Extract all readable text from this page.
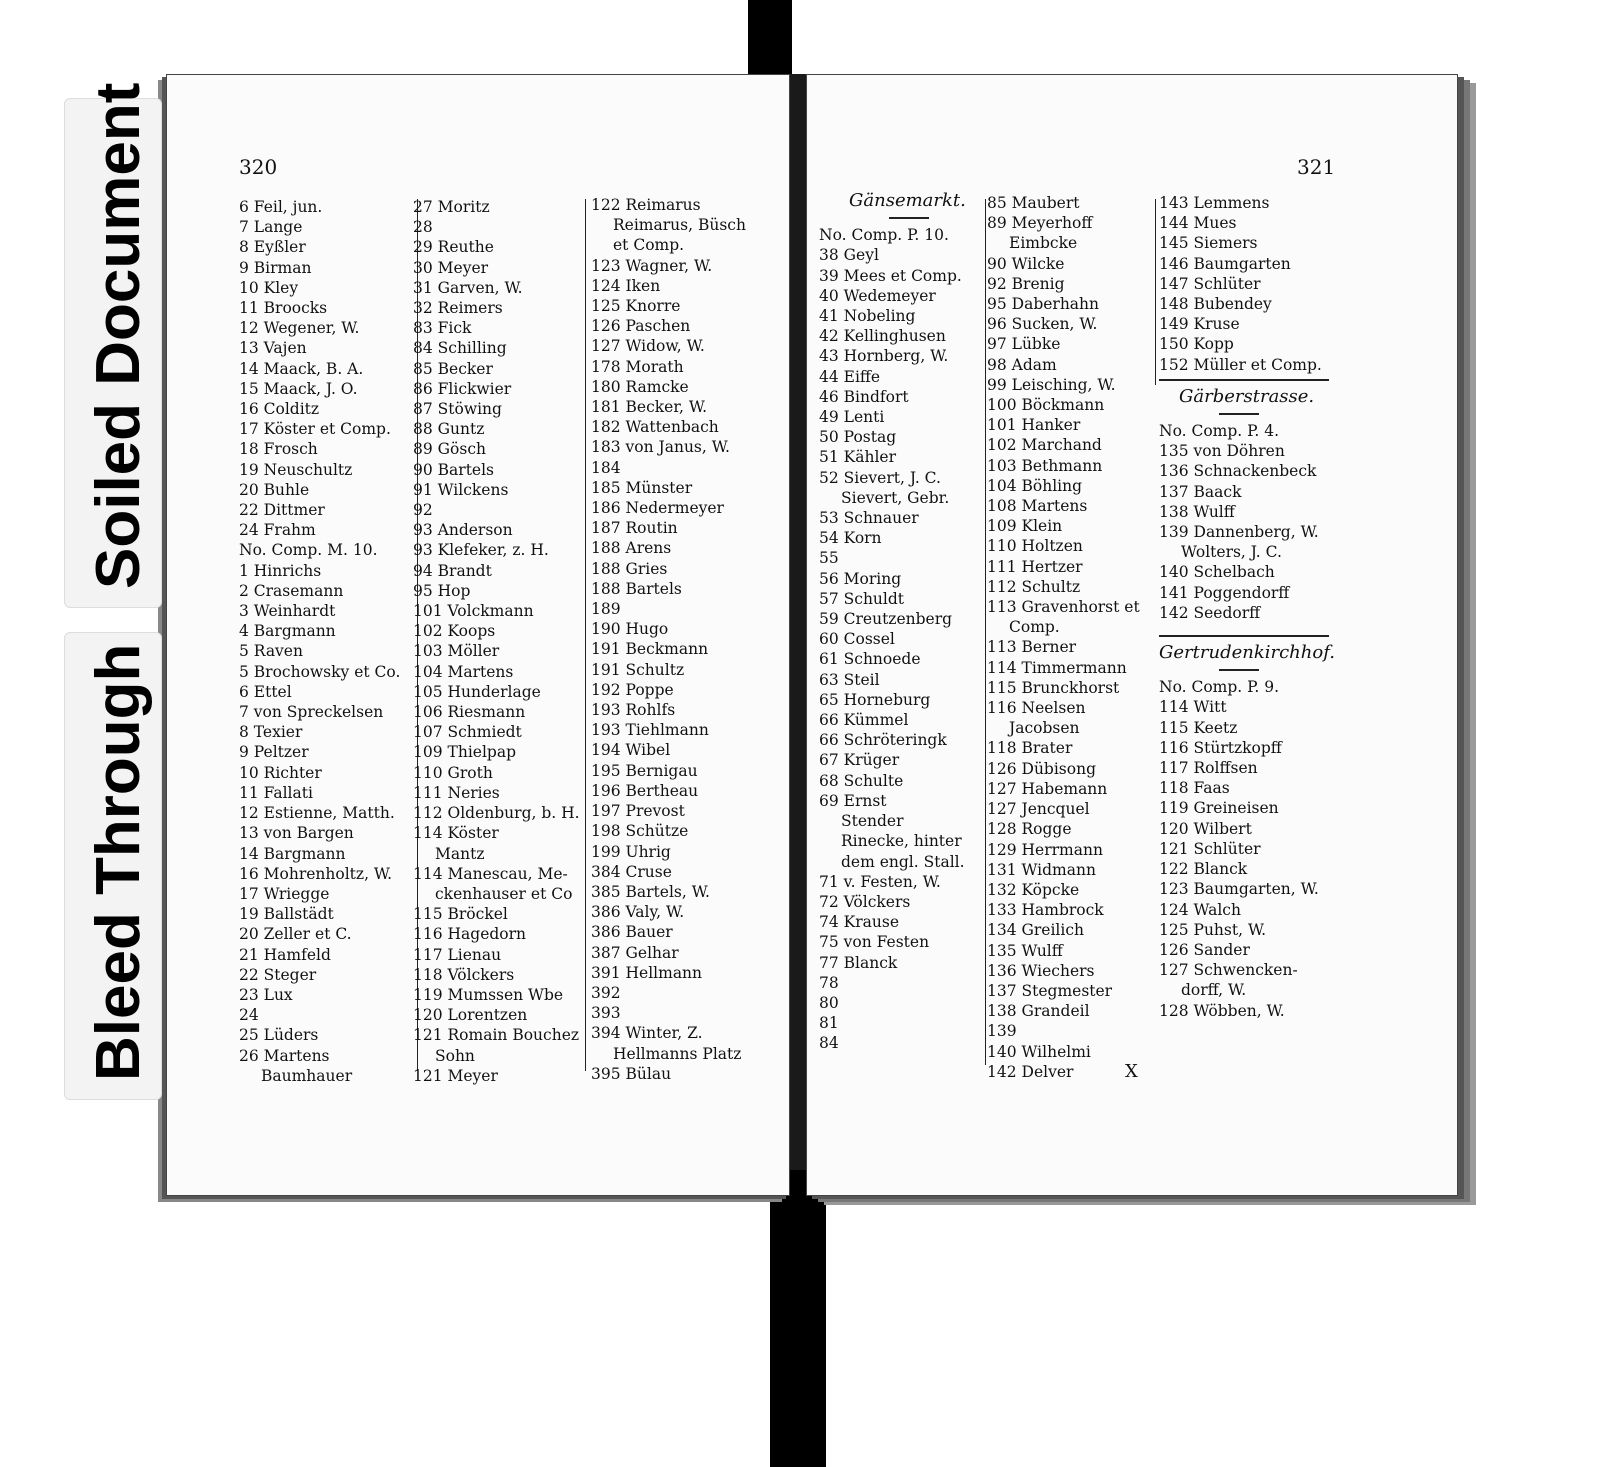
320
6 Feil, jun.
7 Lange
8 Eyßler
9 Birman
10 Kley
11 Broocks
12 Wegener, W.
13 Vajen
14 Maack, B. A.
15 Maack, J. O.
16 Colditz
17 Köster et Comp.
18 Frosch
19 Neuschultz
20 Buhle
22 Dittmer
24 Frahm
No. Comp. M. 10.
1 Hinrichs
2 Crasemann
3 Weinhardt
4 Bargmann
5 Raven
5 Brochowsky et Co.
6 Ettel
7 von Spreckelsen
8 Texier
9 Peltzer
10 Richter
11 Fallati
12 Estienne, Matth.
13 von Bargen
14 Bargmann
16 Mohrenholtz, W.
17 Wriegge
19 Ballstädt
20 Zeller et C.
21 Hamfeld
22 Steger
23 Lux
24
25 Lüders
26 Martens
Baumhauer
27 Moritz
28
29 Reuthe
30 Meyer
31 Garven, W.
32 Reimers
83 Fick
84 Schilling
85 Becker
86 Flickwier
87 Stöwing
88 Guntz
89 Gösch
90 Bartels
91 Wilckens
92
93 Anderson
93 Klefeker, z. H.
94 Brandt
95 Hop
101 Volckmann
102 Koops
103 Möller
104 Martens
105 Hunderlage
106 Riesmann
107 Schmiedt
109 Thielpap
110 Groth
111 Neries
112 Oldenburg, b. H.
114 Köster
Mantz
114 Manescau, Me-
ckenhauser et Co
115 Bröckel
116 Hagedorn
117 Lienau
118 Völckers
119 Mumssen Wbe
120 Lorentzen
121 Romain Bouchez
Sohn
121 Meyer
122 Reimarus
Reimarus, Büsch
et Comp.
123 Wagner, W.
124 Iken
125 Knorre
126 Paschen
127 Widow, W.
178 Morath
180 Ramcke
181 Becker, W.
182 Wattenbach
183 von Janus, W.
184
185 Münster
186 Nedermeyer
187 Routin
188 Arens
188 Gries
188 Bartels
189
190 Hugo
191 Beckmann
191 Schultz
192 Poppe
193 Rohlfs
193 Tiehlmann
194 Wibel
195 Bernigau
196 Bertheau
197 Prevost
198 Schütze
199 Uhrig
384 Cruse
385 Bartels, W.
386 Valy, W.
386 Bauer
387 Gelhar
391 Hellmann
392
393
394 Winter, Z.
Hellmanns Platz
395 Bülau
321
Gänsemarkt.
No. Comp. P. 10.
38 Geyl
39 Mees et Comp.
40 Wedemeyer
41 Nobeling
42 Kellinghusen
43 Hornberg, W.
44 Eiffe
46 Bindfort
49 Lenti
50 Postag
51 Kähler
52 Sievert, J. C.
Sievert, Gebr.
53 Schnauer
54 Korn
55
56 Moring
57 Schuldt
59 Creutzenberg
60 Cossel
61 Schnoede
63 Steil
65 Horneburg
66 Kümmel
66 Schröteringk
67 Krüger
68 Schulte
69 Ernst
Stender
Rinecke, hinter
dem engl. Stall.
71 v. Festen, W.
72 Völckers
74 Krause
75 von Festen
77 Blanck
78
80
81
84
85 Maubert
89 Meyerhoff
Eimbcke
90 Wilcke
92 Brenig
95 Daberhahn
96 Sucken, W.
97 Lübke
98 Adam
99 Leisching, W.
100 Böckmann
101 Hanker
102 Marchand
103 Bethmann
104 Böhling
108 Martens
109 Klein
110 Holtzen
111 Hertzer
112 Schultz
113 Gravenhorst et
Comp.
113 Berner
114 Timmermann
115 Brunckhorst
116 Neelsen
Jacobsen
118 Brater
126 Dübisong
127 Habemann
127 Jencquel
128 Rogge
129 Herrmann
131 Widmann
132 Köpcke
133 Hambrock
134 Greilich
135 Wulff
136 Wiechers
137 Stegmester
138 Grandeil
139
140 Wilhelmi
142 Delver
143 Lemmens
144 Mues
145 Siemers
146 Baumgarten
147 Schlüter
148 Bubendey
149 Kruse
150 Kopp
152 Müller et Comp.
Gärberstrasse.
No. Comp. P. 4.
135 von Döhren
136 Schnackenbeck
137 Baack
138 Wulff
139 Dannenberg, W.
Wolters, J. C.
140 Schelbach
141 Poggendorff
142 Seedorff
Gertrudenkirchhof.
No. Comp. P. 9.
114 Witt
115 Keetz
116 Stürtzkopff
117 Rolffsen
118 Faas
119 Greineisen
120 Wilbert
121 Schlüter
122 Blanck
123 Baumgarten, W.
124 Walch
125 Puhst, W.
126 Sander
127 Schwencken-
dorff, W.
128 Wöbben, W.
X
Soiled Document
Bleed Through
